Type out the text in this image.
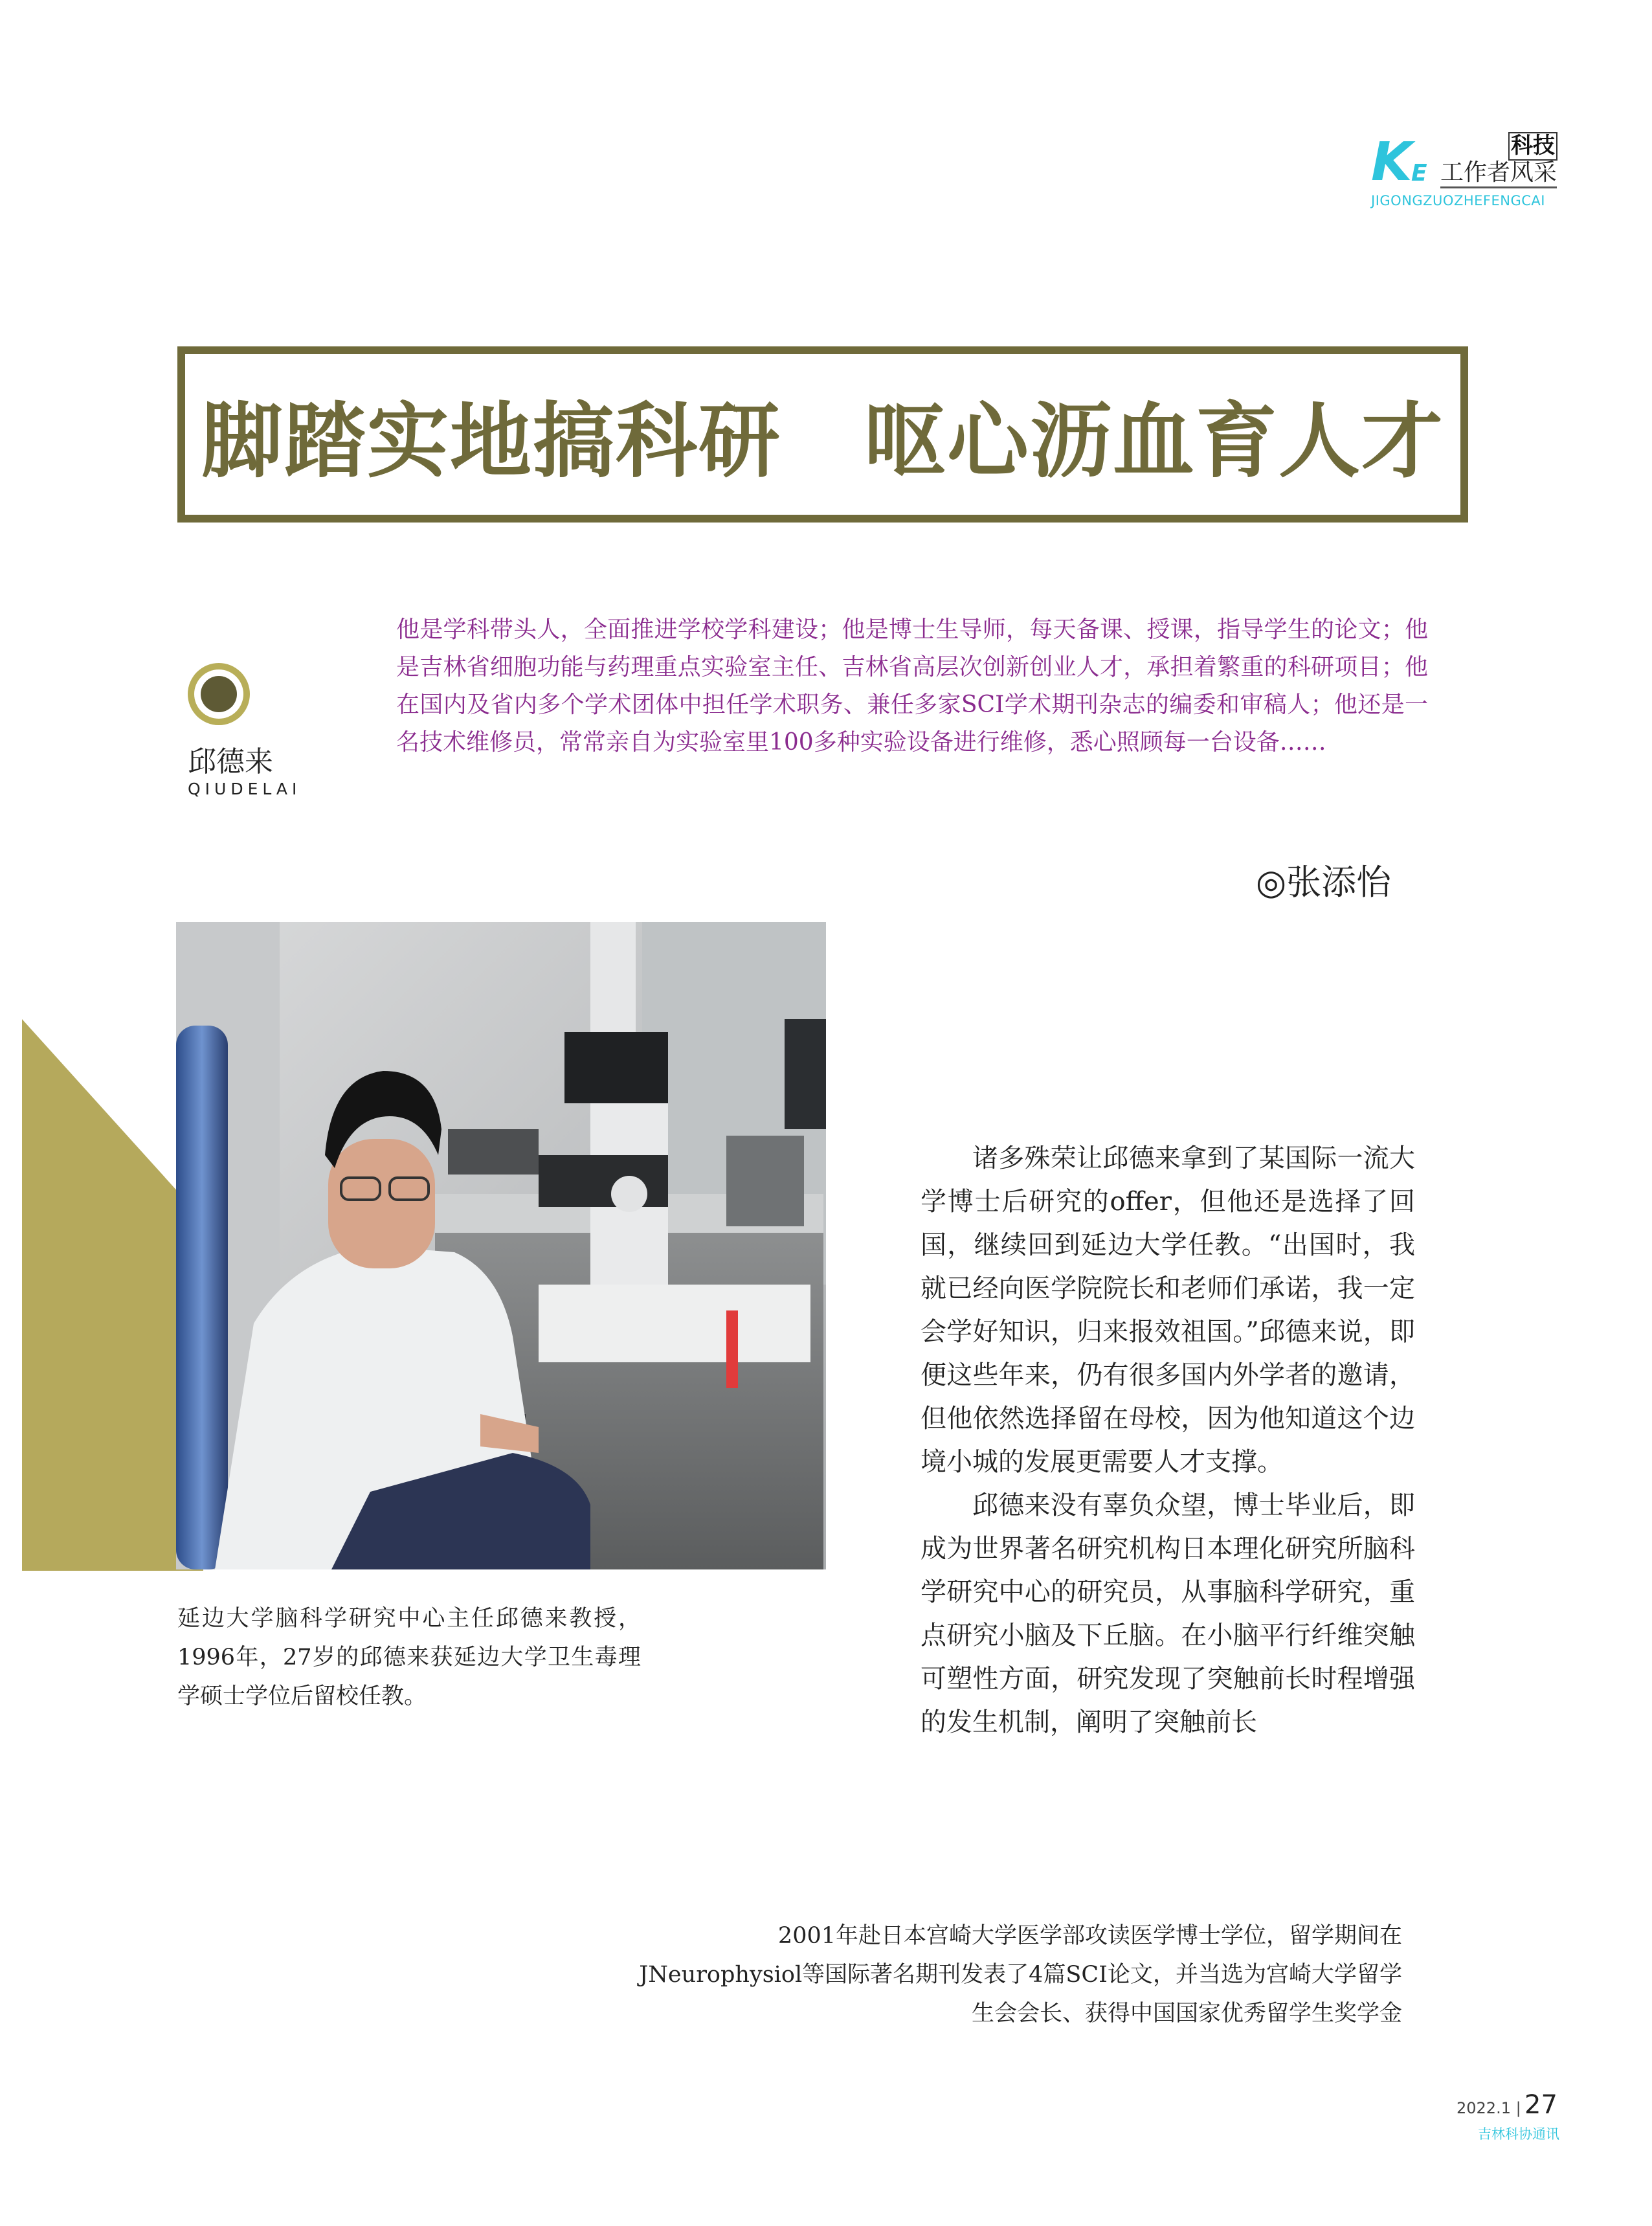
K
E
科技
工作者风采
JIGONGZUOZHEFENGCAI
脚踏实地搞科研　呕心沥血育人才
邱德来
QIUDELAI
他是学科带头人，全面推进学校学科建设；他是博士生导师，每天备课、授课，指导学生的论文；他是吉林省细胞功能与药理重点实验室主任、吉林省高层次创新创业人才，承担着繁重的科研项目；他在国内及省内多个学术团体中担任学术职务、兼任多家SCI学术期刊杂志的编委和审稿人；他还是一名技术维修员，常常亲自为实验室里100多种实验设备进行维修，悉心照顾每一台设备……
◎张添怡
延边大学脑科学研究中心主任邱德来教授，1996年，27岁的邱德来获延边大学卫生毒理学硕士学位后留校任教。

诸多殊荣让邱德来拿到了某国际一流大学博士后研究的offer，但他还是选择了回国，继续回到延边大学任教。“出国时，我就已经向医学院院长和老师们承诺，我一定会学好知识，归来报效祖国。”邱德来说，即便这些年来，仍有很多国内外学者的邀请，但他依然选择留在母校，因为他知道这个边境小城的发展更需要人才支撑。

邱德来没有辜负众望，博士毕业后，即成为世界著名研究机构日本理化研究所脑科学研究中心的研究员，从事脑科学研究，重点研究小脑及下丘脑。在小脑平行纤维突触可塑性方面，研究发现了突触前长时程增强的发生机制，阐明了突触前长

2001年赴日本宫崎大学医学部攻读医学博士学位，留学期间在
JNeurophysiol等国际著名期刊发表了4篇SCI论文，并当选为宫崎大学留学
生会会长、获得中国国家优秀留学生奖学金
2022.1 | 27
吉林科协通讯
